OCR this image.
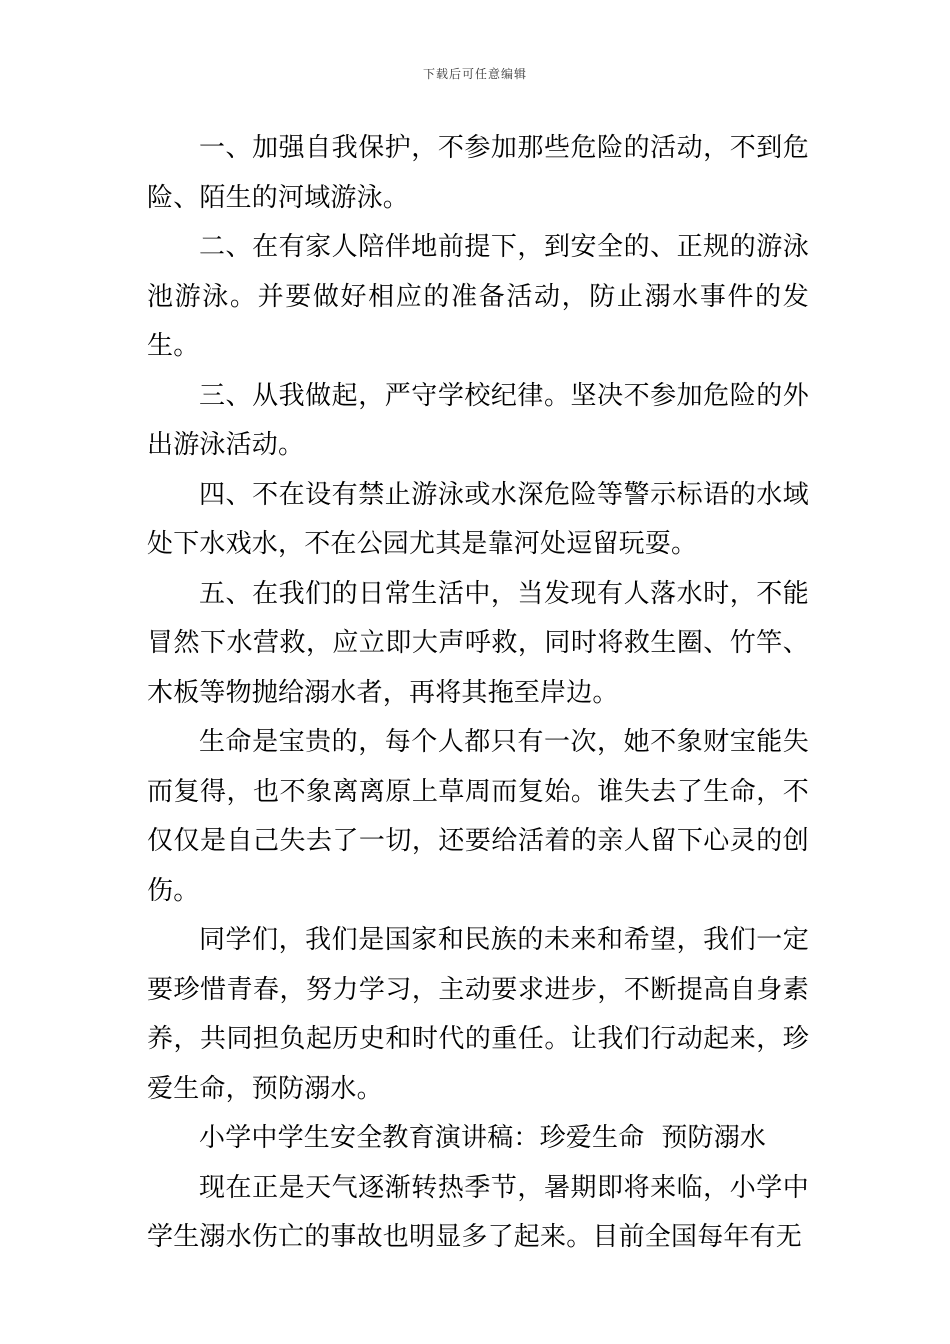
下载后可任意编辑

一、加强自我保护，不参加那些危险的活动，不到危险、陌生的河域游泳。

二、在有家人陪伴地前提下，到安全的、正规的游泳池游泳。并要做好相应的准备活动，防止溺水事件的发生。

三、从我做起，严守学校纪律。坚决不参加危险的外出游泳活动。

四、不在设有禁止游泳或水深危险等警示标语的水域处下水戏水，不在公园尤其是靠河处逗留玩耍。

五、在我们的日常生活中，当发现有人落水时，不能冒然下水营救，应立即大声呼救，同时将救生圈、竹竿、木板等物抛给溺水者，再将其拖至岸边。

生命是宝贵的，每个人都只有一次，她不象财宝能失而复得，也不象离离原上草周而复始。谁失去了生命，不仅仅是自己失去了一切，还要给活着的亲人留下心灵的创伤。

同学们，我们是国家和民族的未来和希望，我们一定要珍惜青春，努力学习，主动要求进步，不断提高自身素养，共同担负起历史和时代的重任。让我们行动起来，珍爱生命，预防溺水。

小学中学生安全教育演讲稿：珍爱生命  预防溺水

现在正是天气逐渐转热季节，暑期即将来临，小学中学生溺水伤亡的事故也明显多了起来。目前全国每年有无
